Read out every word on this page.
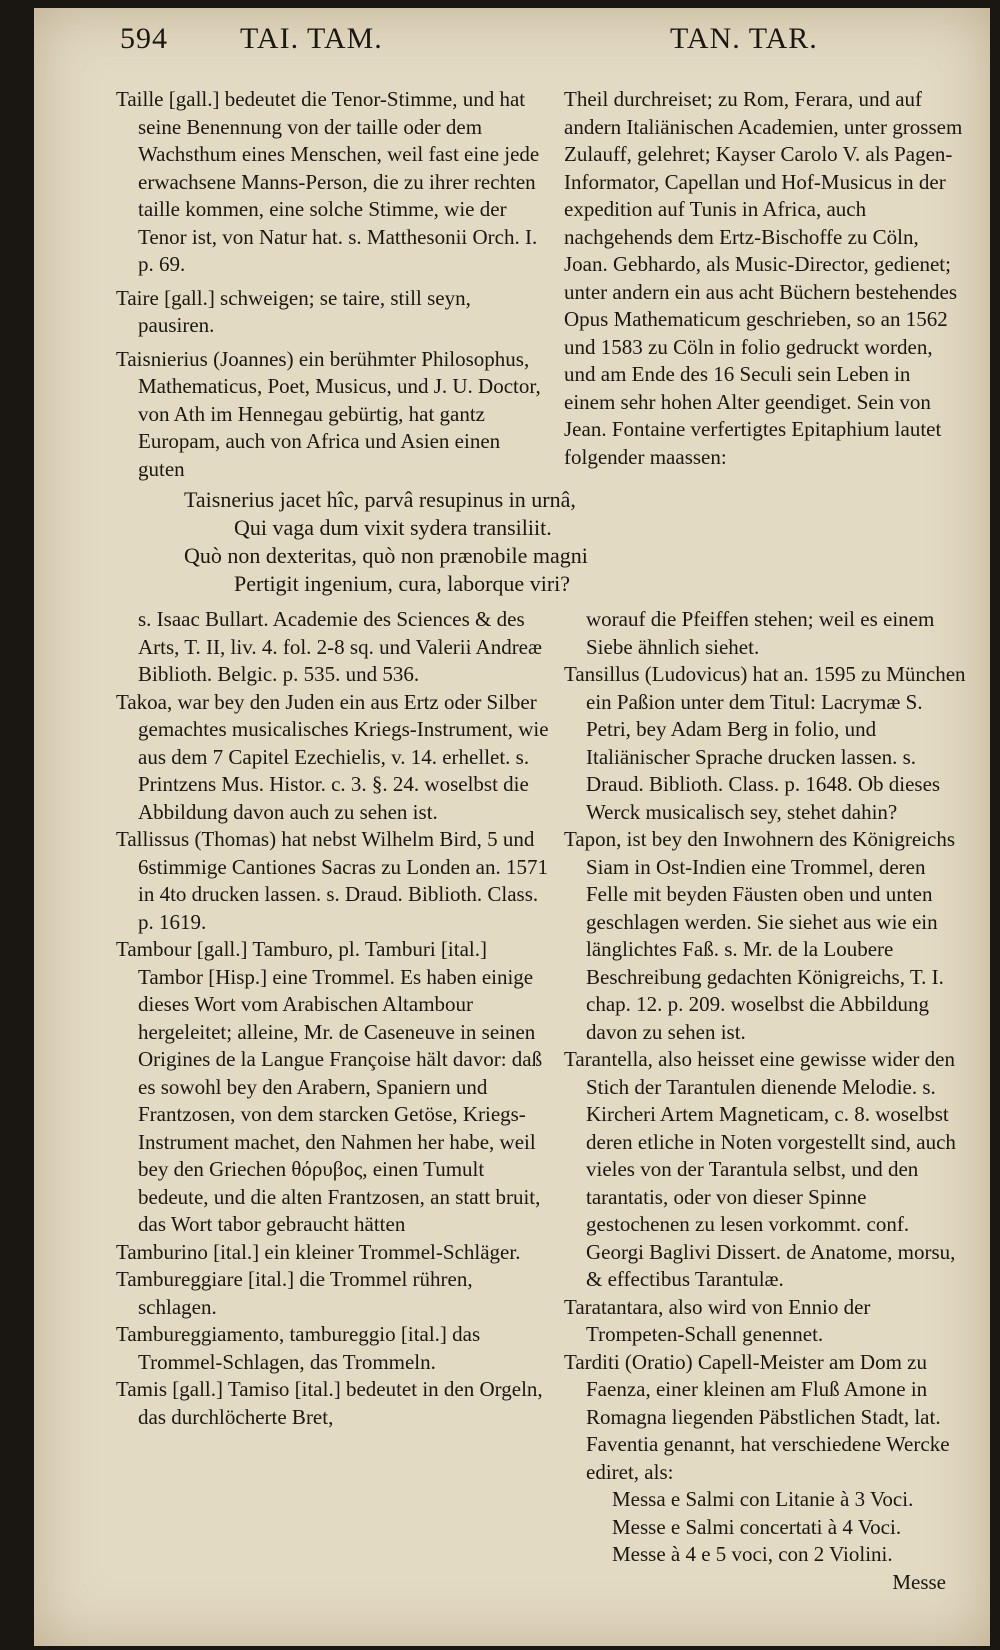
594 TAI. TAM.	TAN. TAR.

Taille [gall.] bedeutet die Tenor-Stimme, und hat seine Benennung von der taille oder dem Wachsthum eines Menschen, weil fast eine jede erwachsene Manns-Person, die zu ihrer rechten taille kommen, eine solche Stimme, wie der Tenor ist, von Natur hat. s. Matthesonii Orch. I. p. 69.

Taire [gall.] schweigen; se taire, still seyn, pausiren.

Taisnierius (Joannes) ein berühmter Philosophus, Mathematicus, Poet, Musicus, und J. U. Doctor, von Ath im Hennegau gebürtig, hat gantz Europam, auch von Africa und Asien einen guten

Theil durchreiset; zu Rom, Ferara, und auf andern Italiänischen Academien, unter grossem Zulauff, gelehret; Kayser Carolo V. als Pagen-Informator, Capellan und Hof-Musicus in der expedition auf Tunis in Africa, auch nachgehends dem Ertz-Bischoffe zu Cöln, Joan. Gebhardo, als Music-Director, gedienet; unter andern ein aus acht Büchern bestehendes Opus Mathematicum geschrieben, so an 1562 und 1583 zu Cöln in folio gedruckt worden, und am Ende des 16 Seculi sein Leben in einem sehr hohen Alter geendiget. Sein von Jean. Fontaine verfertigtes Epitaphium lautet folgender maassen:

Taisnerius jacet hîc, parvâ resupinus in urnâ,
Qui vaga dum vixit sydera transiliit.
Quò non dexteritas, quò non prænobile magni
Pertigit ingenium, cura, laborque viri?

s. Isaac Bullart. Academie des Sciences & des Arts, T. II, liv. 4. fol. 2-8 sq. und Valerii Andreæ Biblioth. Belgic. p. 535. und 536.

Takoa, war bey den Juden ein aus Ertz oder Silber gemachtes musicalisches Kriegs-Instrument, wie aus dem 7 Capitel Ezechielis, v. 14. erhellet. s. Printzens Mus. Histor. c. 3. §. 24. woselbst die Abbildung davon auch zu sehen ist.

Tallissus (Thomas) hat nebst Wilhelm Bird, 5 und 6stimmige Cantiones Sacras zu Londen an. 1571 in 4to drucken lassen. s. Draud. Biblioth. Class. p. 1619.

Tambour [gall.] Tamburo, pl. Tamburi [ital.] Tambor [Hisp.] eine Trommel. Es haben einige dieses Wort vom Arabischen Altambour hergeleitet; alleine, Mr. de Caseneuve in seinen Origines de la Langue Françoise hält davor: daß es sowohl bey den Arabern, Spaniern und Frantzosen, von dem starcken Getöse, Kriegs-Instrument machet, den Nahmen her habe, weil bey den Griechen θόρυβος, einen Tumult bedeute, und die alten Frantzosen, an statt bruit, das Wort tabor gebraucht hätten

Tamburino [ital.] ein kleiner Trommel-Schläger.

Tambureggiare [ital.] die Trommel rühren, schlagen.

Tambureggiamento, tambureggio [ital.] das Trommel-Schlagen, das Trommeln.

Tamis [gall.] Tamiso [ital.] bedeutet in den Orgeln, das durchlöcherte Bret,

worauf die Pfeiffen stehen; weil es einem Siebe ähnlich siehet.

Tansillus (Ludovicus) hat an. 1595 zu München ein Paßion unter dem Titul: Lacrymæ S. Petri, bey Adam Berg in folio, und Italiänischer Sprache drucken lassen. s. Draud. Biblioth. Class. p. 1648. Ob dieses Werck musicalisch sey, stehet dahin?

Tapon, ist bey den Inwohnern des Königreichs Siam in Ost-Indien eine Trommel, deren Felle mit beyden Fäusten oben und unten geschlagen werden. Sie siehet aus wie ein länglichtes Faß. s. Mr. de la Loubere Beschreibung gedachten Königreichs, T. I. chap. 12. p. 209. woselbst die Abbildung davon zu sehen ist.

Tarantella, also heisset eine gewisse wider den Stich der Tarantulen dienende Melodie. s. Kircheri Artem Magneticam, c. 8. woselbst deren etliche in Noten vorgestellt sind, auch vieles von der Tarantula selbst, und den tarantatis, oder von dieser Spinne gestochenen zu lesen vorkommt. conf. Georgi Baglivi Dissert. de Anatome, morsu, & effectibus Tarantulæ.

Taratantara, also wird von Ennio der Trompeten-Schall genennet.

Tarditi (Oratio) Capell-Meister am Dom zu Faenza, einer kleinen am Fluß Amone in Romagna liegenden Päbstlichen Stadt, lat. Faventia genannt, hat verschiedene Wercke ediret, als:

Messa e Salmi con Litanie à 3 Voci.

Messe e Salmi concertati à 4 Voci.

Messe à 4 e 5 voci, con 2 Violini.

Messe
